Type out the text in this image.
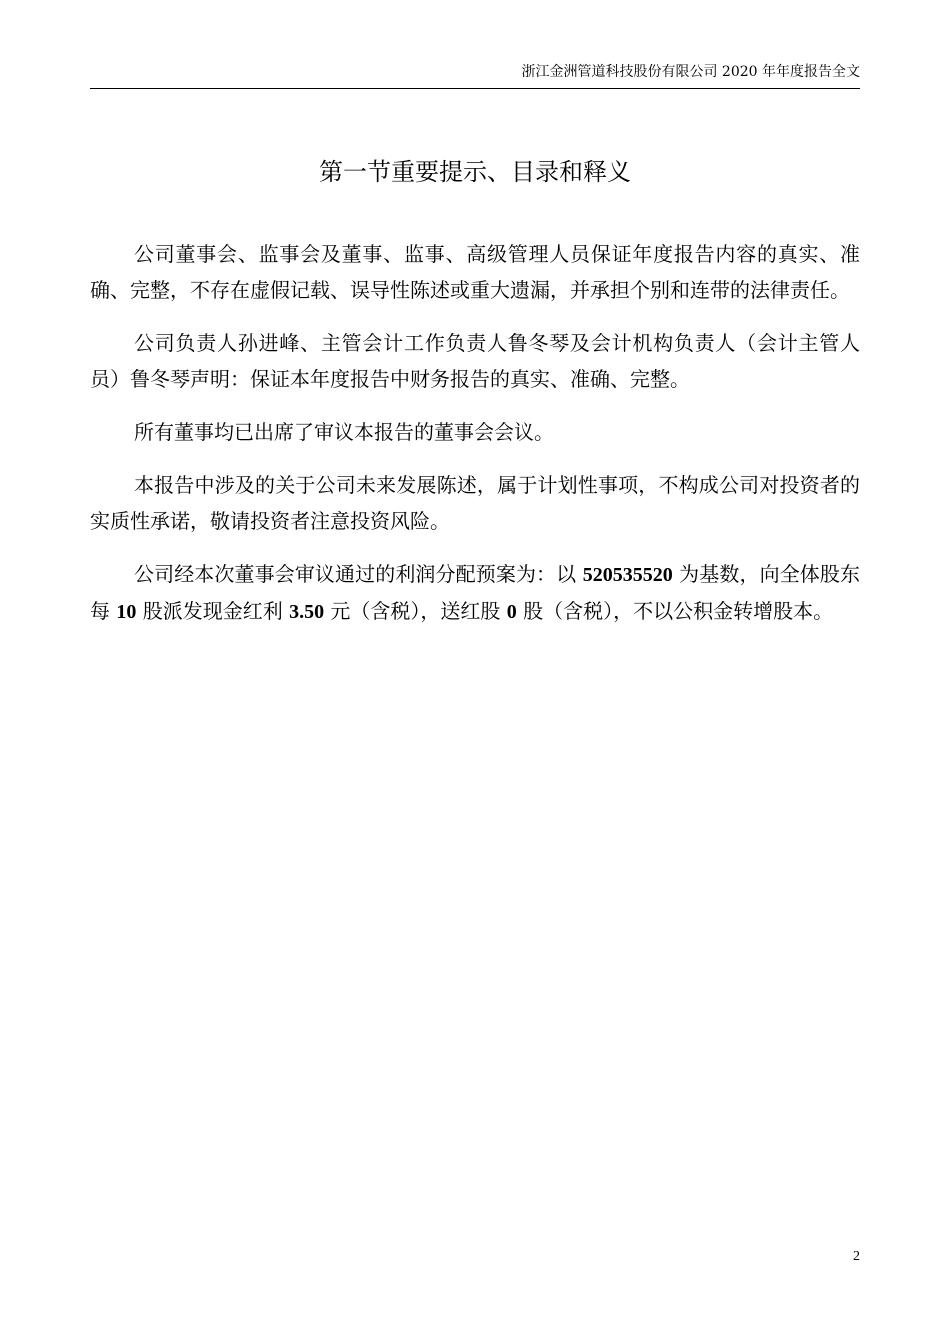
浙江金洲管道科技股份有限公司 2020 年年度报告全文
第一节重要提示、目录和释义

公司董事会、监事会及董事、监事、高级管理人员保证年度报告内容的真实、准确、完整，不存在虚假记载、误导性陈述或重大遗漏，并承担个别和连带的法律责任。

公司负责人孙进峰、主管会计工作负责人鲁冬琴及会计机构负责人（会计主管人员）鲁冬琴声明：保证本年度报告中财务报告的真实、准确、完整。

所有董事均已出席了审议本报告的董事会会议。

本报告中涉及的关于公司未来发展陈述，属于计划性事项，不构成公司对投资者的实质性承诺，敬请投资者注意投资风险。

公司经本次董事会审议通过的利润分配预案为：以 520535520 为基数，向全体股东每 10 股派发现金红利 3.50 元（含税），送红股 0 股（含税），不以公积金转增股本。

2
